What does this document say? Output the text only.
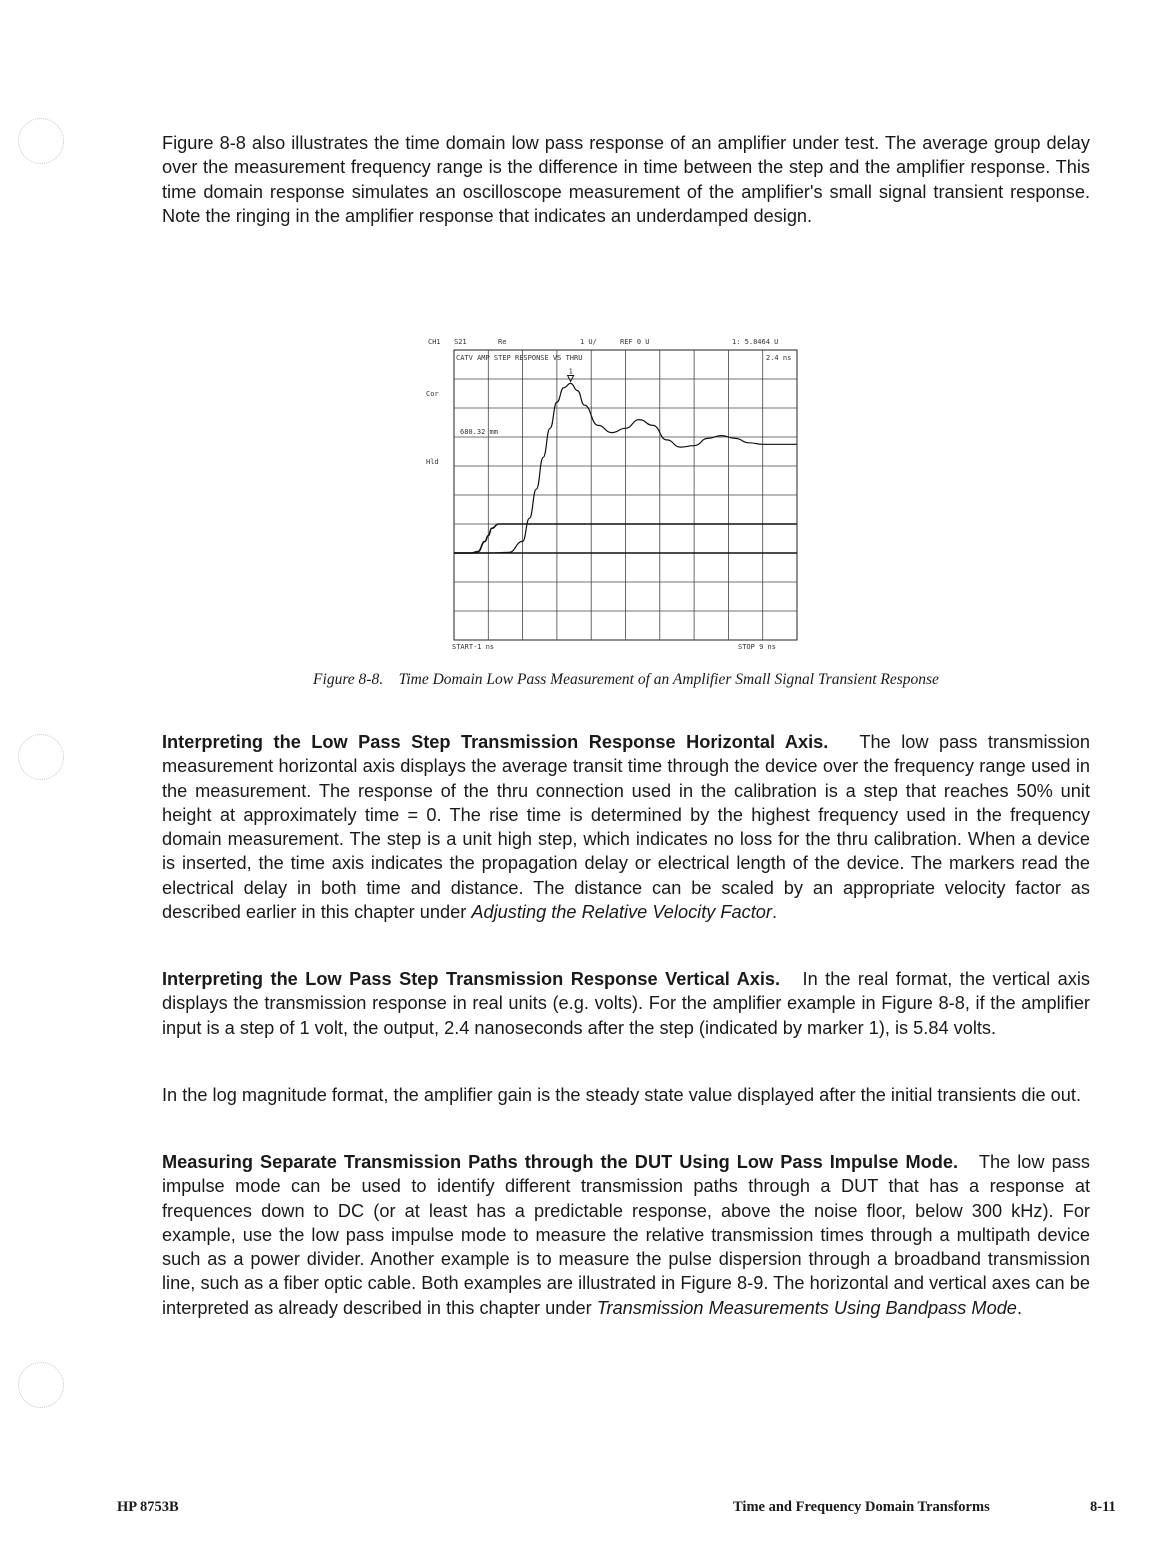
Figure 8-8 also illustrates the time domain low pass response of an amplifier under test. The average group delay over the measurement frequency range is the difference in time between the step and the amplifier response. This time domain response simulates an oscilloscope measurement of the amplifier's small signal transient response. Note the ringing in the amplifier response that indicates an underdamped design.

CH1 S21	Re	1 U/	REF 0 U	1: 5.8464 U
Cor
Hld
CATV AMP STEP RESPONSE VS THRU	2.4 ns
680.32 mm
START-1 ns	STOP 9 ns
1

Figure 8-8. Time Domain Low Pass Measurement of an Amplifier Small Signal Transient Response

Interpreting the Low Pass Step Transmission Response Horizontal Axis. The low pass transmission measurement horizontal axis displays the average transit time through the device over the frequency range used in the measurement. The response of the thru connection used in the calibration is a step that reaches 50% unit height at approximately time = 0. The rise time is determined by the highest frequency used in the frequency domain measurement. The step is a unit high step, which indicates no loss for the thru calibration. When a device is inserted, the time axis indicates the propagation delay or electrical length of the device. The markers read the electrical delay in both time and distance. The distance can be scaled by an appropriate velocity factor as described earlier in this chapter under Adjusting the Relative Velocity Factor.

Interpreting the Low Pass Step Transmission Response Vertical Axis. In the real format, the vertical axis displays the transmission response in real units (e.g. volts). For the amplifier example in Figure 8-8, if the amplifier input is a step of 1 volt, the output, 2.4 nanoseconds after the step (indicated by marker 1), is 5.84 volts.

In the log magnitude format, the amplifier gain is the steady state value displayed after the initial transients die out.

Measuring Separate Transmission Paths through the DUT Using Low Pass Impulse Mode. The low pass impulse mode can be used to identify different transmission paths through a DUT that has a response at frequences down to DC (or at least has a predictable response, above the noise floor, below 300 kHz). For example, use the low pass impulse mode to measure the relative transmission times through a multipath device such as a power divider. Another example is to measure the pulse dispersion through a broadband transmission line, such as a fiber optic cable. Both examples are illustrated in Figure 8-9. The horizontal and vertical axes can be interpreted as already described in this chapter under Transmission Measurements Using Bandpass Mode.

HP 8753B	Time and Frequency Domain Transforms	8-11
